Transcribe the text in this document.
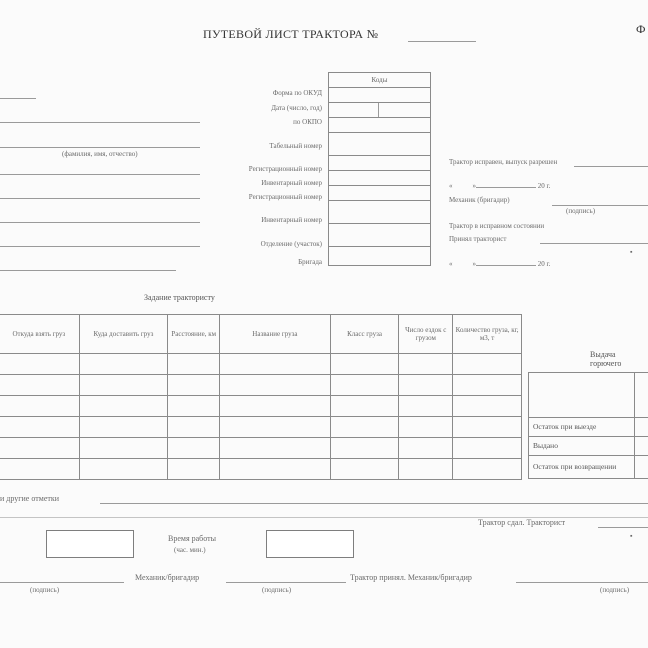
ПУТЕВОЙ ЛИСТ ТРАКТОРА №	Ф
(фамилия, имя, отчество)
Форма по ОКУД
Дата (число, год)
по ОКПО
Табельный номер
Регистрационный номер
Инвентарный номер
Регистрационный номер
Инвентарный номер
Отделение (участок)
Бригада
Коды

Трактор исправен, выпуск разрешен
«	»	20 г.
Механик (бригадир)
(подпись)
Трактор в исправном состоянии
Принял тракторист
«	»	20 г.
▪
Задание трактористу
Откуда взять груз	Куда доставить груз	Расстояние, км	Название груза	Класс груза	Число ездок с грузом	Количество груза, кг, м3, т

Выдача горючего

Остаток при выезде	
Выдано	
Остаток при возвращении	
и другие отметки
Время работы
(час. мин.)
Трактор сдал. Тракторист
▪
Механик/бригадир	Трактор принял. Механик/бригадир
(подпись)	(подпись)	(подпись)
